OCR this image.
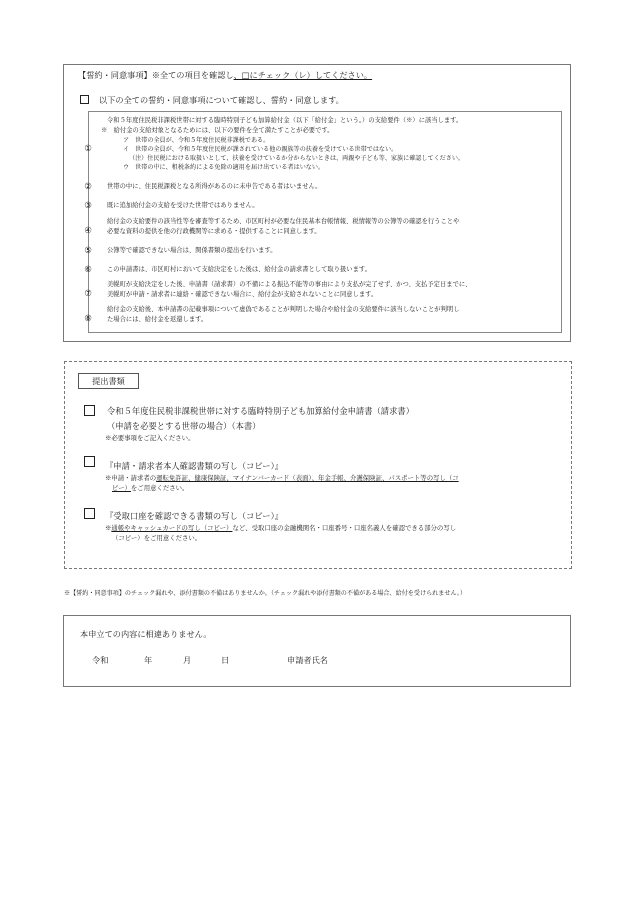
【誓約・同意事項】※全ての項目を確認し、□にチェック（レ）してください。
以下の全ての誓約・同意事項について確認し、誓約・同意します。
①
令和５年度住民税非課税世帯に対する臨時特別子ども加算給付金（以下「給付金」という。）の支給要件（※）に該当します。
※　給付金の支給対象となるためには、以下の要件を全て満たすことが必要です。
ア　世帯の全員が、令和５年度住民税非課税である。
イ　世帯の全員が、令和５年度住民税が課されている他の親族等の扶養を受けている世帯ではない。
（注）住民税における取扱いとして、扶養を受けているか分からないときは、両親や子ども等、家族に確認してください。
ウ　世帯の中に、租税条約による免除の適用を届け出ている者はいない。
②	世帯の中に、住民税課税となる所得があるのに未申告である者はいません。
③	既に追加給付金の支給を受けた世帯ではありません。
④
給付金の支給要件の該当性等を審査等するため、市区町村が必要な住民基本台帳情報、税情報等の公簿等の確認を行うことや
必要な資料の提供を他の行政機関等に求める・提供することに同意します。
⑤	公簿等で確認できない場合は、関係書類の提出を行います。
⑥	この申請書は、市区町村において支給決定をした後は、給付金の請求書として取り扱います。
⑦
美幌町が支給決定をした後、申請書（請求書）の不備による振込不能等の事由により支払が完了せず、かつ、支払予定日までに、
美幌町が申請・請求者に連絡・確認できない場合に、給付金が支給されないことに同意します。
⑧
給付金の支給後、本申請書の記載事項について虚偽であることが判明した場合や給付金の支給要件に該当しないことが判明し
た場合には、給付金を返還します。
提出書類
令和５年度住民税非課税世帯に対する臨時特別子ども加算給付金申請書（請求書）
（申請を必要とする世帯の場合）（本書）
※必要事項をご記入ください。
『申請・請求者本人確認書類の写し（コピー）』
※申請・請求者の運転免許証、健康保険証、マイナンバーカード（表面）、年金手帳、介護保険証、パスポート等の写し（コ
ピー）をご用意ください。
『受取口座を確認できる書類の写し（コピー）』
※通帳やキャッシュカードの写し（コピー）など、受取口座の金融機関名・口座番号・口座名義人を確認できる部分の写し
（コピー）をご用意ください。
※【誓約・同意事項】のチェック漏れや、添付書類の不備はありませんか。（チェック漏れや添付書類の不備がある場合、給付を受けられません。）
本申立ての内容に相違ありません。
令和	年	月	日	申請者氏名
